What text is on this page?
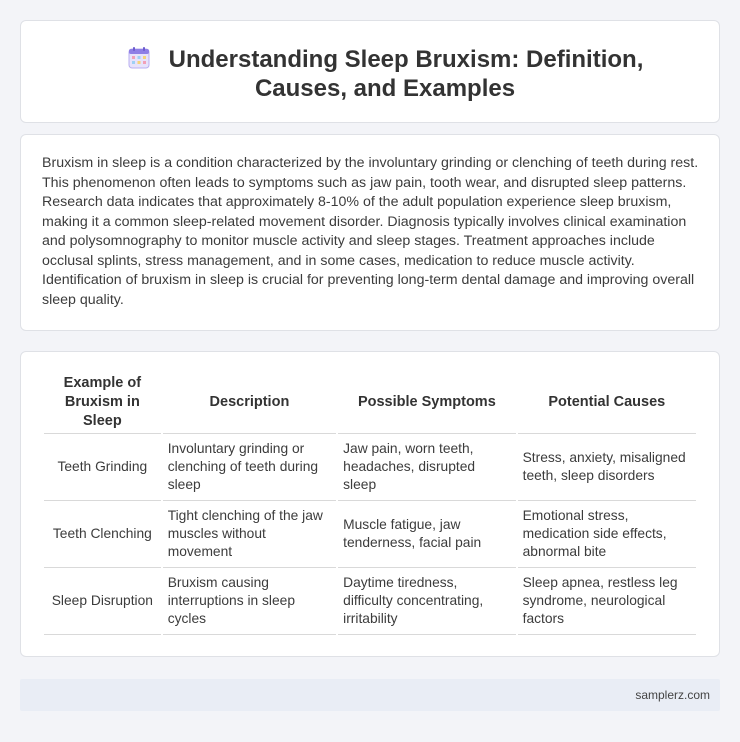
Understanding Sleep Bruxism: Definition, Causes, and Examples

Bruxism in sleep is a condition characterized by the involuntary grinding or clenching of teeth during rest. This phenomenon often leads to symptoms such as jaw pain, tooth wear, and disrupted sleep patterns. Research data indicates that approximately 8-10% of the adult population experience sleep bruxism, making it a common sleep-related movement disorder. Diagnosis typically involves clinical examination and polysomnography to monitor muscle activity and sleep stages. Treatment approaches include occlusal splints, stress management, and in some cases, medication to reduce muscle activity. Identification of bruxism in sleep is crucial for preventing long-term dental damage and improving overall sleep quality.

Example of Bruxism in Sleep	Description	Possible Symptoms	Potential Causes
Teeth Grinding	Involuntary grinding or clenching of teeth during sleep	Jaw pain, worn teeth, headaches, disrupted sleep	Stress, anxiety, misaligned teeth, sleep disorders
Teeth Clenching	Tight clenching of the jaw muscles without movement	Muscle fatigue, jaw tenderness, facial pain	Emotional stress, medication side effects, abnormal bite
Sleep Disruption	Bruxism causing interruptions in sleep cycles	Daytime tiredness, difficulty concentrating, irritability	Sleep apnea, restless leg syndrome, neurological factors
samplerz.com
